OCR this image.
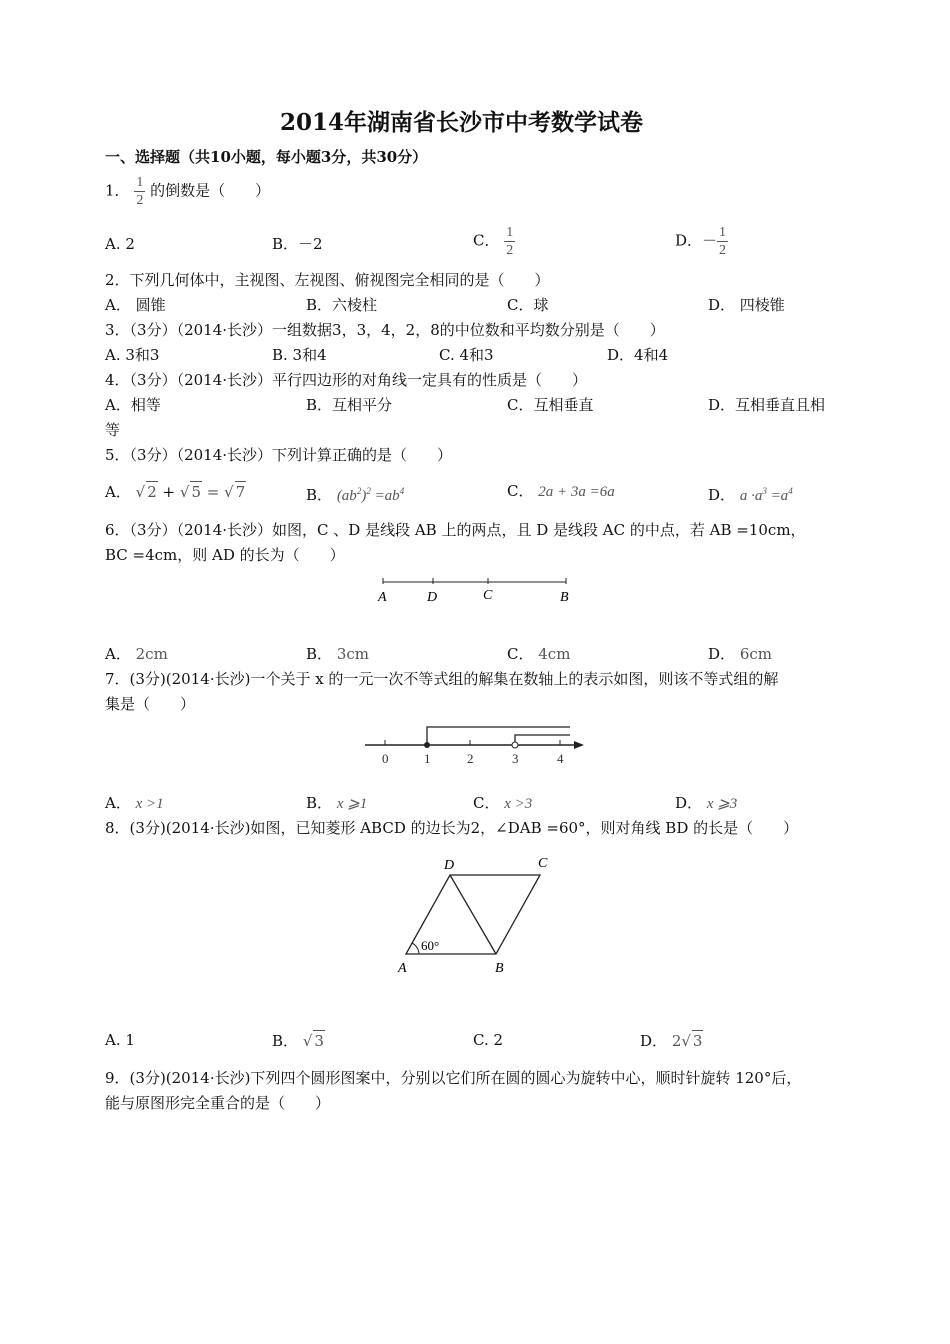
2014年湖南省长沙市中考数学试卷
一、选择题（共10小题，每小题3分，共30分）
1． $\frac{1}{2}$ 的倒数是（　　）
A. 2	B．－2	C． $\frac{1}{2}$	D．－ $\frac{1}{2}$
2．下列几何体中，主视图、左视图、俯视图完全相同的是（　　）
A． 圆锥	B．六棱柱	C．球	D． 四棱锥
3．（3分）（2014·长沙）一组数据3，3，4，2，8的中位数和平均数分别是（　　）
A. 3和3	B. 3和4	C. 4和3	D．4和4
4．（3分）（2014·长沙）平行四边形的对角线一定具有的性质是（　　）
A．相等	B．互相平分	C．互相垂直	D．互相垂直且相
等
5．（3分）（2014·长沙）下列计算正确的是（　　）
A． √ 2 + √ 5 = √ 7	B． $(ab^2)^2 =ab^4$	C． 2a + 3a =6a	D． $a \cdot a^3 =a^4$
6．（3分）（2014·长沙）如图，C 、D 是线段 AB 上的两点，且 D 是线段 AC 的中点，若 AB =10cm，
BC =4cm，则 AD 的长为（　　）
A	D	C	B
A． 2cm	B． 3cm	C． 4cm	D． 6cm
7．(3分)(2014·长沙)一个关于 x 的一元一次不等式组的解集在数轴上的表示如图，则该不等式组的解
集是（　　）
0	1	2	3	4
A． x >1	B． x ⩾1	C． x >3	D． x ⩾3
8．(3分)(2014·长沙)如图，已知菱形 ABCD 的边长为2，∠DAB =60°，则对角线 BD 的长是（　　）
D	C
A	B
60°
A. 1	B． √ 3	C. 2	D． 2√ 3
9．(3分)(2014·长沙)下列四个圆形图案中，分别以它们所在圆的圆心为旋转中心，顺时针旋转 120°后，
能与原图形完全重合的是（　　）
